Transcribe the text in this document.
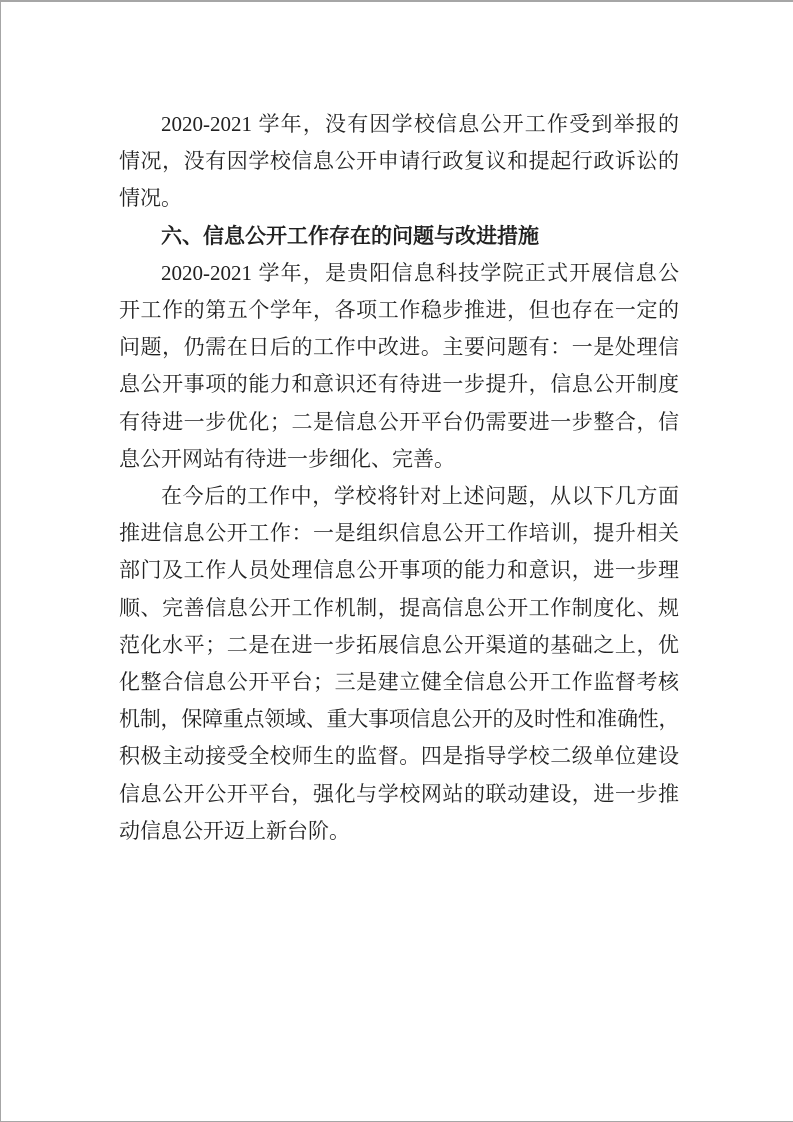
2020-2021 学年，没有因学校信息公开工作受到举报的
情况，没有因学校信息公开申请行政复议和提起行政诉讼的
情况。
六、信息公开工作存在的问题与改进措施
2020-2021 学年，是贵阳信息科技学院正式开展信息公
开工作的第五个学年，各项工作稳步推进，但也存在一定的
问题，仍需在日后的工作中改进。主要问题有：一是处理信
息公开事项的能力和意识还有待进一步提升，信息公开制度
有待进一步优化；二是信息公开平台仍需要进一步整合，信
息公开网站有待进一步细化、完善。
在今后的工作中，学校将针对上述问题，从以下几方面
推进信息公开工作：一是组织信息公开工作培训，提升相关
部门及工作人员处理信息公开事项的能力和意识，进一步理
顺、完善信息公开工作机制，提高信息公开工作制度化、规
范化水平；二是在进一步拓展信息公开渠道的基础之上，优
化整合信息公开平台；三是建立健全信息公开工作监督考核
机制，保障重点领域、重大事项信息公开的及时性和准确性，
积极主动接受全校师生的监督。四是指导学校二级单位建设
信息公开公开平台，强化与学校网站的联动建设，进一步推
动信息公开迈上新台阶。
